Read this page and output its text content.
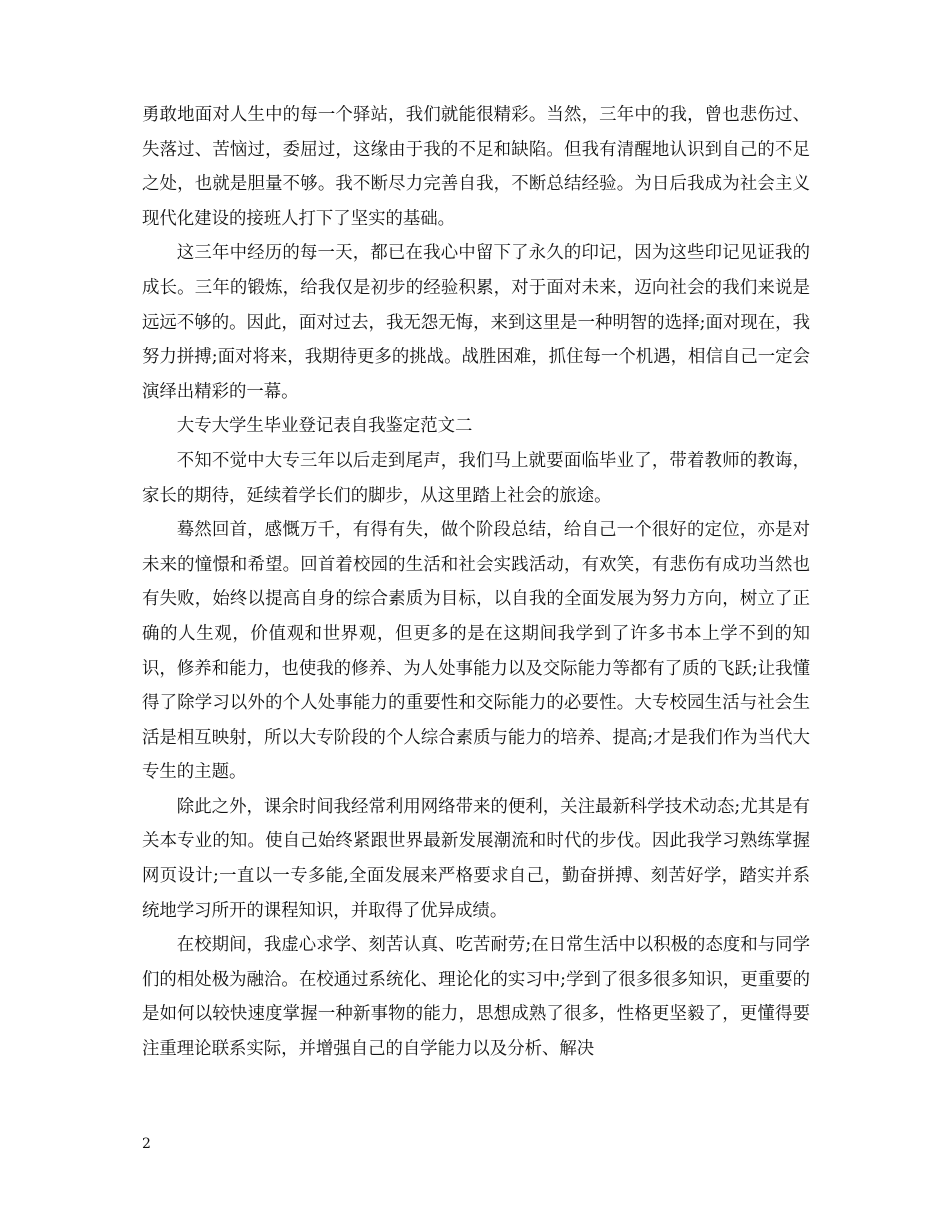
勇敢地面对人生中的每一个驿站，我们就能很精彩。当然，三年中的我，曾也悲伤过、失落过、苦恼过，委屈过，这缘由于我的不足和缺陷。但我有清醒地认识到自己的不足之处，也就是胆量不够。我不断尽力完善自我，不断总结经验。为日后我成为社会主义现代化建设的接班人打下了坚实的基础。

这三年中经历的每一天，都已在我心中留下了永久的印记，因为这些印记见证我的成长。三年的锻炼，给我仅是初步的经验积累，对于面对未来，迈向社会的我们来说是远远不够的。因此，面对过去，我无怨无悔，来到这里是一种明智的选择;面对现在，我努力拼搏;面对将来，我期待更多的挑战。战胜困难，抓住每一个机遇，相信自己一定会演绎出精彩的一幕。

大专大学生毕业登记表自我鉴定范文二

不知不觉中大专三年以后走到尾声，我们马上就要面临毕业了，带着教师的教诲，家长的期待，延续着学长们的脚步，从这里踏上社会的旅途。

蓦然回首，感慨万千，有得有失，做个阶段总结，给自己一个很好的定位，亦是对未来的憧憬和希望。回首着校园的生活和社会实践活动，有欢笑，有悲伤有成功当然也有失败，始终以提高自身的综合素质为目标，以自我的全面发展为努力方向，树立了正确的人生观，价值观和世界观，但更多的是在这期间我学到了许多书本上学不到的知识，修养和能力，也使我的修养、为人处事能力以及交际能力等都有了质的飞跃;让我懂得了除学习以外的个人处事能力的重要性和交际能力的必要性。大专校园生活与社会生活是相互映射，所以大专阶段的个人综合素质与能力的培养、提高;才是我们作为当代大专生的主题。

除此之外，课余时间我经常利用网络带来的便利，关注最新科学技术动态;尤其是有关本专业的知。使自己始终紧跟世界最新发展潮流和时代的步伐。因此我学习熟练掌握网页设计;一直以一专多能,全面发展来严格要求自己，勤奋拼搏、刻苦好学，踏实并系统地学习所开的课程知识，并取得了优异成绩。

在校期间，我虚心求学、刻苦认真、吃苦耐劳;在日常生活中以积极的态度和与同学们的相处极为融洽。在校通过系统化、理论化的实习中;学到了很多很多知识，更重要的是如何以较快速度掌握一种新事物的能力，思想成熟了很多，性格更坚毅了，更懂得要注重理论联系实际，并增强自己的自学能力以及分析、解决

2
